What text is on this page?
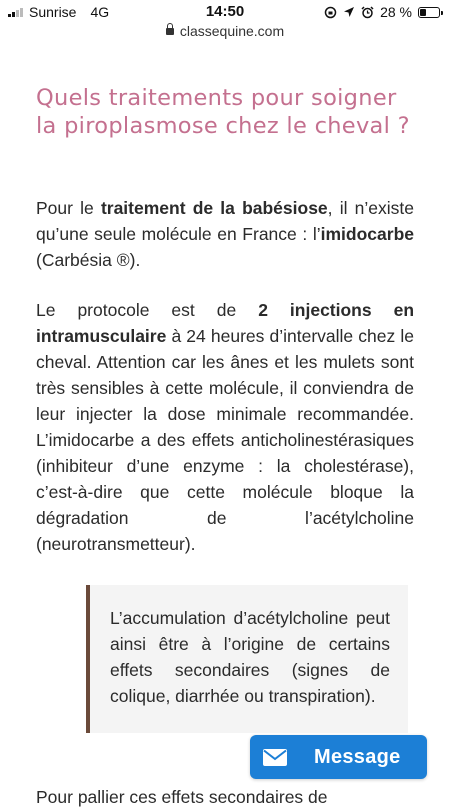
Sunrise 4G	14:50	28 %
classequine.com
Quels traitements pour soigner la piroplasmose chez le cheval ?

Pour le traitement de la babésiose, il n’existe qu’une seule molécule en France : l’imidocarbe (Carbésia ®).

Le protocole est de 2 injections en intramusculaire à 24 heures d’intervalle chez le cheval. Attention car les ânes et les mulets sont très sensibles à cette molécule, il conviendra de leur injecter la dose minimale recommandée. L’imidocarbe a des effets anticholinestérasiques (inhibiteur d’une enzyme : la cholestérase), c’est-à-dire que cette molécule bloque la dégradation de l’acétylcholine (neurotransmetteur).

L’accumulation d’acétylcholine peut ainsi être à l’origine de certains effets secondaires (signes de colique, diarrhée ou transpiration).

Pour pallier ces effets secondaires de

Message
